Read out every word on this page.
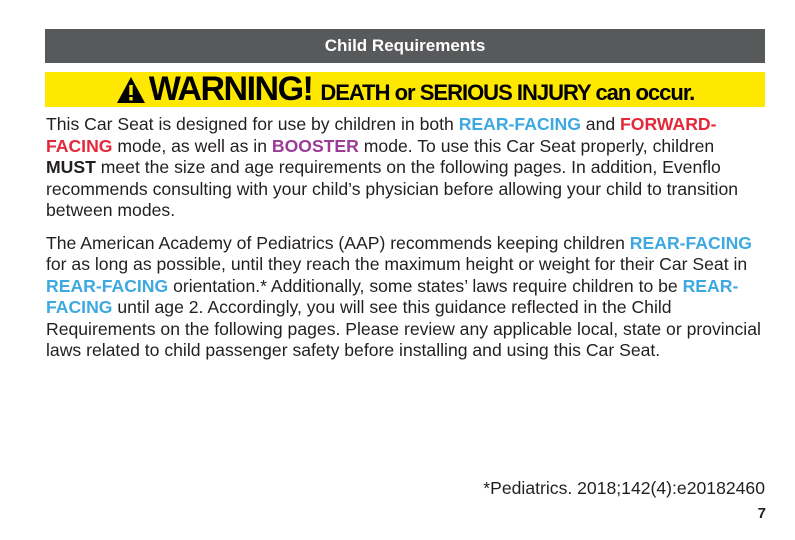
Child Requirements
WARNING! DEATH or SERIOUS INJURY can occur.

This Car Seat is designed for use by children in both REAR-FACING and FORWARD-FACING mode, as well as in BOOSTER mode. To use this Car Seat properly, children MUST meet the size and age requirements on the following pages. In addition, Evenflo recommends consulting with your child’s physician before allowing your child to transition between modes.

The American Academy of Pediatrics (AAP) recommends keeping children REAR-FACING for as long as possible, until they reach the maximum height or weight for their Car Seat in REAR-FACING orientation.* Additionally, some states’ laws require children to be REAR-FACING until age 2. Accordingly, you will see this guidance reflected in the Child Requirements on the following pages. Please review any applicable local, state or provincial laws related to child passenger safety before installing and using this Car Seat.

*Pediatrics. 2018;142(4):e20182460
7
